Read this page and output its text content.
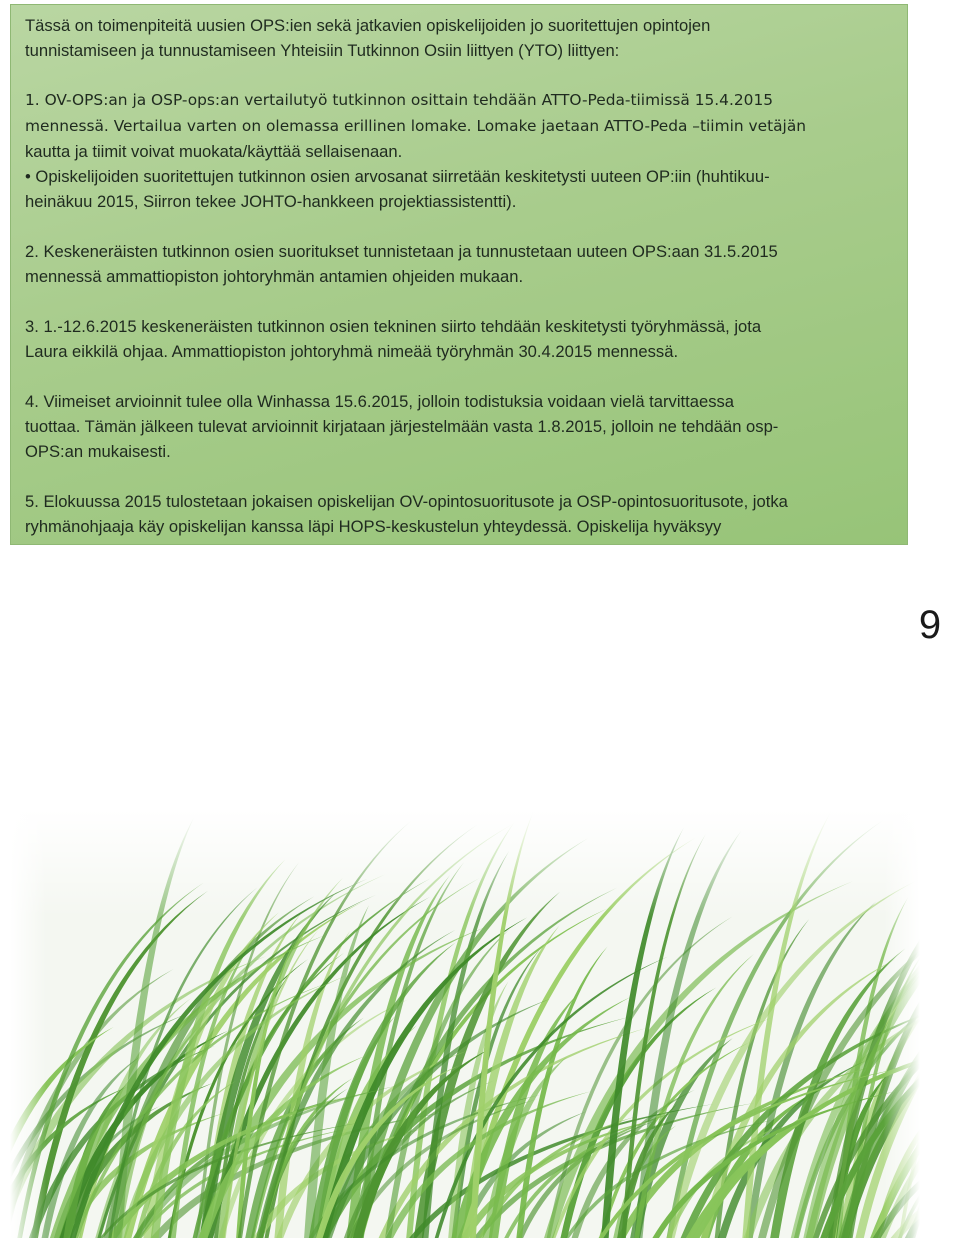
Tässä on toimenpiteitä uusien OPS:ien sekä jatkavien opiskelijoiden jo suoritettujen opintojen

tunnistamiseen ja tunnustamiseen Yhteisiin Tutkinnon Osiin liittyen (YTO) liittyen:

1. OV-OPS:an ja OSP-ops:an vertailutyö tutkinnon osittain tehdään ATTO-Peda-tiimissä 15.4.2015

mennessä. Vertailua varten on olemassa erillinen lomake. Lomake jaetaan ATTO-Peda –tiimin vetäjän

kautta ja tiimit voivat muokata/käyttää sellaisenaan.

• Opiskelijoiden suoritettujen tutkinnon osien arvosanat siirretään keskitetysti uuteen OP:iin (huhtikuu-

heinäkuu 2015, Siirron tekee JOHTO-hankkeen projektiassistentti).

2. Keskeneräisten tutkinnon osien suoritukset tunnistetaan ja tunnustetaan uuteen OPS:aan 31.5.2015

mennessä ammattiopiston johtoryhmän antamien ohjeiden mukaan.

3. 1.-12.6.2015 keskeneräisten tutkinnon osien tekninen siirto tehdään keskitetysti työryhmässä, jota

Laura eikkilä ohjaa. Ammattiopiston johtoryhmä nimeää työryhmän 30.4.2015 mennessä.

4. Viimeiset arvioinnit tulee olla Winhassa 15.6.2015, jolloin todistuksia voidaan vielä tarvittaessa

tuottaa. Tämän jälkeen tulevat arvioinnit kirjataan järjestelmään vasta 1.8.2015, jolloin ne tehdään osp-

OPS:an mukaisesti.

5. Elokuussa 2015 tulostetaan jokaisen opiskelijan OV-opintosuoritusote ja OSP-opintosuoritusote, jotka

ryhmänohjaaja käy opiskelijan kanssa läpi HOPS-keskustelun yhteydessä. Opiskelija hyväksyy

9
